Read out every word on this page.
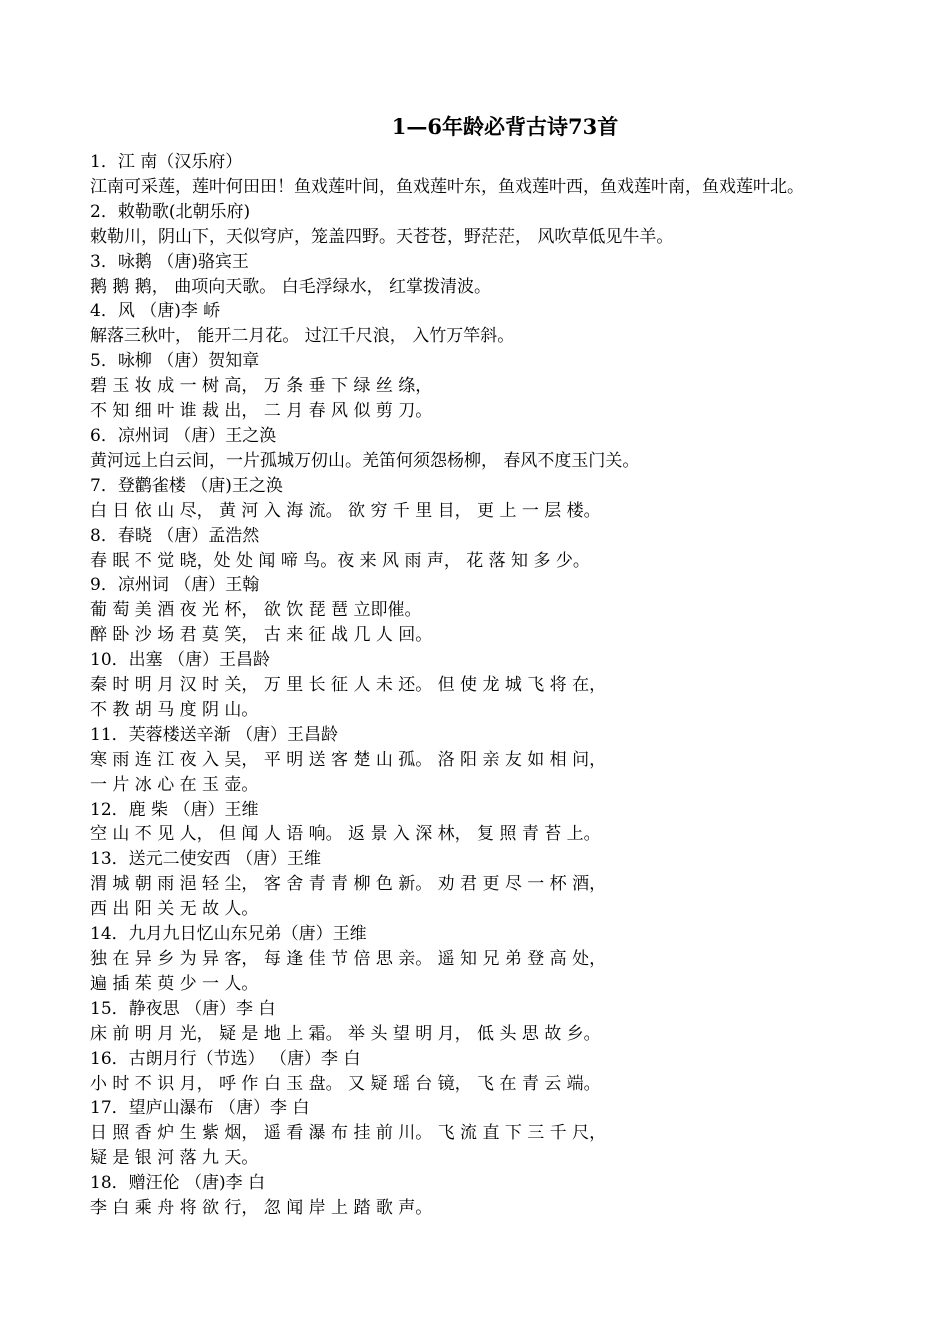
1—6年龄必背古诗73首
1．江 南（汉乐府）
江南可采莲，莲叶何田田！鱼戏莲叶间，鱼戏莲叶东，鱼戏莲叶西，鱼戏莲叶南，鱼戏莲叶北。
2．敕勒歌(北朝乐府)
敕勒川，阴山下，天似穹庐，笼盖四野。天苍苍，野茫茫， 风吹草低见牛羊。
3．咏鹅 （唐)骆宾王
鹅 鹅 鹅， 曲项向天歌。 白毛浮绿水， 红掌拨清波。
4．风 （唐)李 峤
解落三秋叶， 能开二月花。 过江千尺浪， 入竹万竿斜。
5．咏柳 （唐）贺知章
碧 玉 妆 成 一 树 高， 万 条 垂 下 绿 丝 绦，
不 知 细 叶 谁 裁 出， 二 月 春 风 似 剪 刀。
6．凉州词 （唐）王之涣
黄河远上白云间，一片孤城万仞山。羌笛何须怨杨柳， 春风不度玉门关。
7．登鹳雀楼 （唐)王之涣
白 日 依 山 尽， 黄 河 入 海 流。 欲 穷 千 里 目， 更 上 一 层 楼。
8．春晓 （唐）孟浩然
春 眠 不 觉 晓，处 处 闻 啼 鸟。夜 来 风 雨 声， 花 落 知 多 少。
9．凉州词 （唐）王翰
葡 萄 美 酒 夜 光 杯， 欲 饮 琵 琶 立即催。
醉 卧 沙 场 君 莫 笑， 古 来 征 战 几 人 回。
10．出塞 （唐）王昌龄
秦 时 明 月 汉 时 关， 万 里 长 征 人 未 还。 但 使 龙 城 飞 将 在，
不 教 胡 马 度 阴 山。
11．芙蓉楼送辛渐 （唐）王昌龄
寒 雨 连 江 夜 入 吴， 平 明 送 客 楚 山 孤。 洛 阳 亲 友 如 相 问，
一 片 冰 心 在 玉 壶。
12．鹿 柴 （唐）王维
空 山 不 见 人， 但 闻 人 语 响。 返 景 入 深 林， 复 照 青 苔 上。
13．送元二使安西 （唐）王维
渭 城 朝 雨 浥 轻 尘， 客 舍 青 青 柳 色 新。 劝 君 更 尽 一 杯 酒，
西 出 阳 关 无 故 人。
14．九月九日忆山东兄弟（唐）王维
独 在 异 乡 为 异 客， 每 逢 佳 节 倍 思 亲。 遥 知 兄 弟 登 高 处，
遍 插 茱 萸 少 一 人。
15．静夜思 （唐）李 白
床 前 明 月 光， 疑 是 地 上 霜。 举 头 望 明 月， 低 头 思 故 乡。
16．古朗月行（节选） （唐）李 白
小 时 不 识 月， 呼 作 白 玉 盘。 又 疑 瑶 台 镜， 飞 在 青 云 端。
17．望庐山瀑布 （唐）李 白
日 照 香 炉 生 紫 烟， 遥 看 瀑 布 挂 前 川。 飞 流 直 下 三 千 尺，
疑 是 银 河 落 九 天。
18．赠汪伦 （唐)李 白
李 白 乘 舟 将 欲 行， 忽 闻 岸 上 踏 歌 声。
